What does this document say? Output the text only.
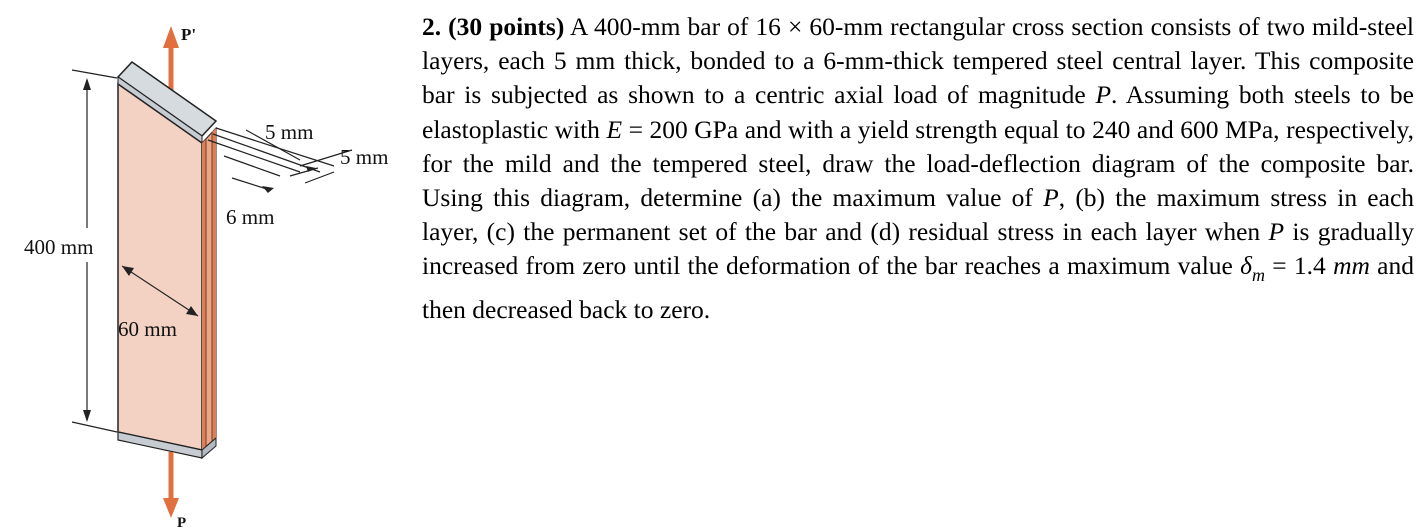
P'
P
400 mm
60 mm
5 mm
5 mm
6 mm
2. (30 points) A 400-mm bar of 16 × 60-mm rectangular cross section consists of two mild-steel layers, each 5 mm thick, bonded to a 6-mm-thick tempered steel central layer. This composite bar is subjected as shown to a centric axial load of magnitude P. Assuming both steels to be elastoplastic with E = 200 GPa and with a yield strength equal to 240 and 600 MPa, respectively, for the mild and the tempered steel, draw the load-deflection diagram of the composite bar. Using this diagram, determine (a) the maximum value of P, (b) the maximum stress in each layer, (c) the permanent set of the bar and (d) residual stress in each layer when P is gradually increased from zero until the deformation of the bar reaches a maximum value $\delta_m = 1.4$ mm and then decreased back to zero.
